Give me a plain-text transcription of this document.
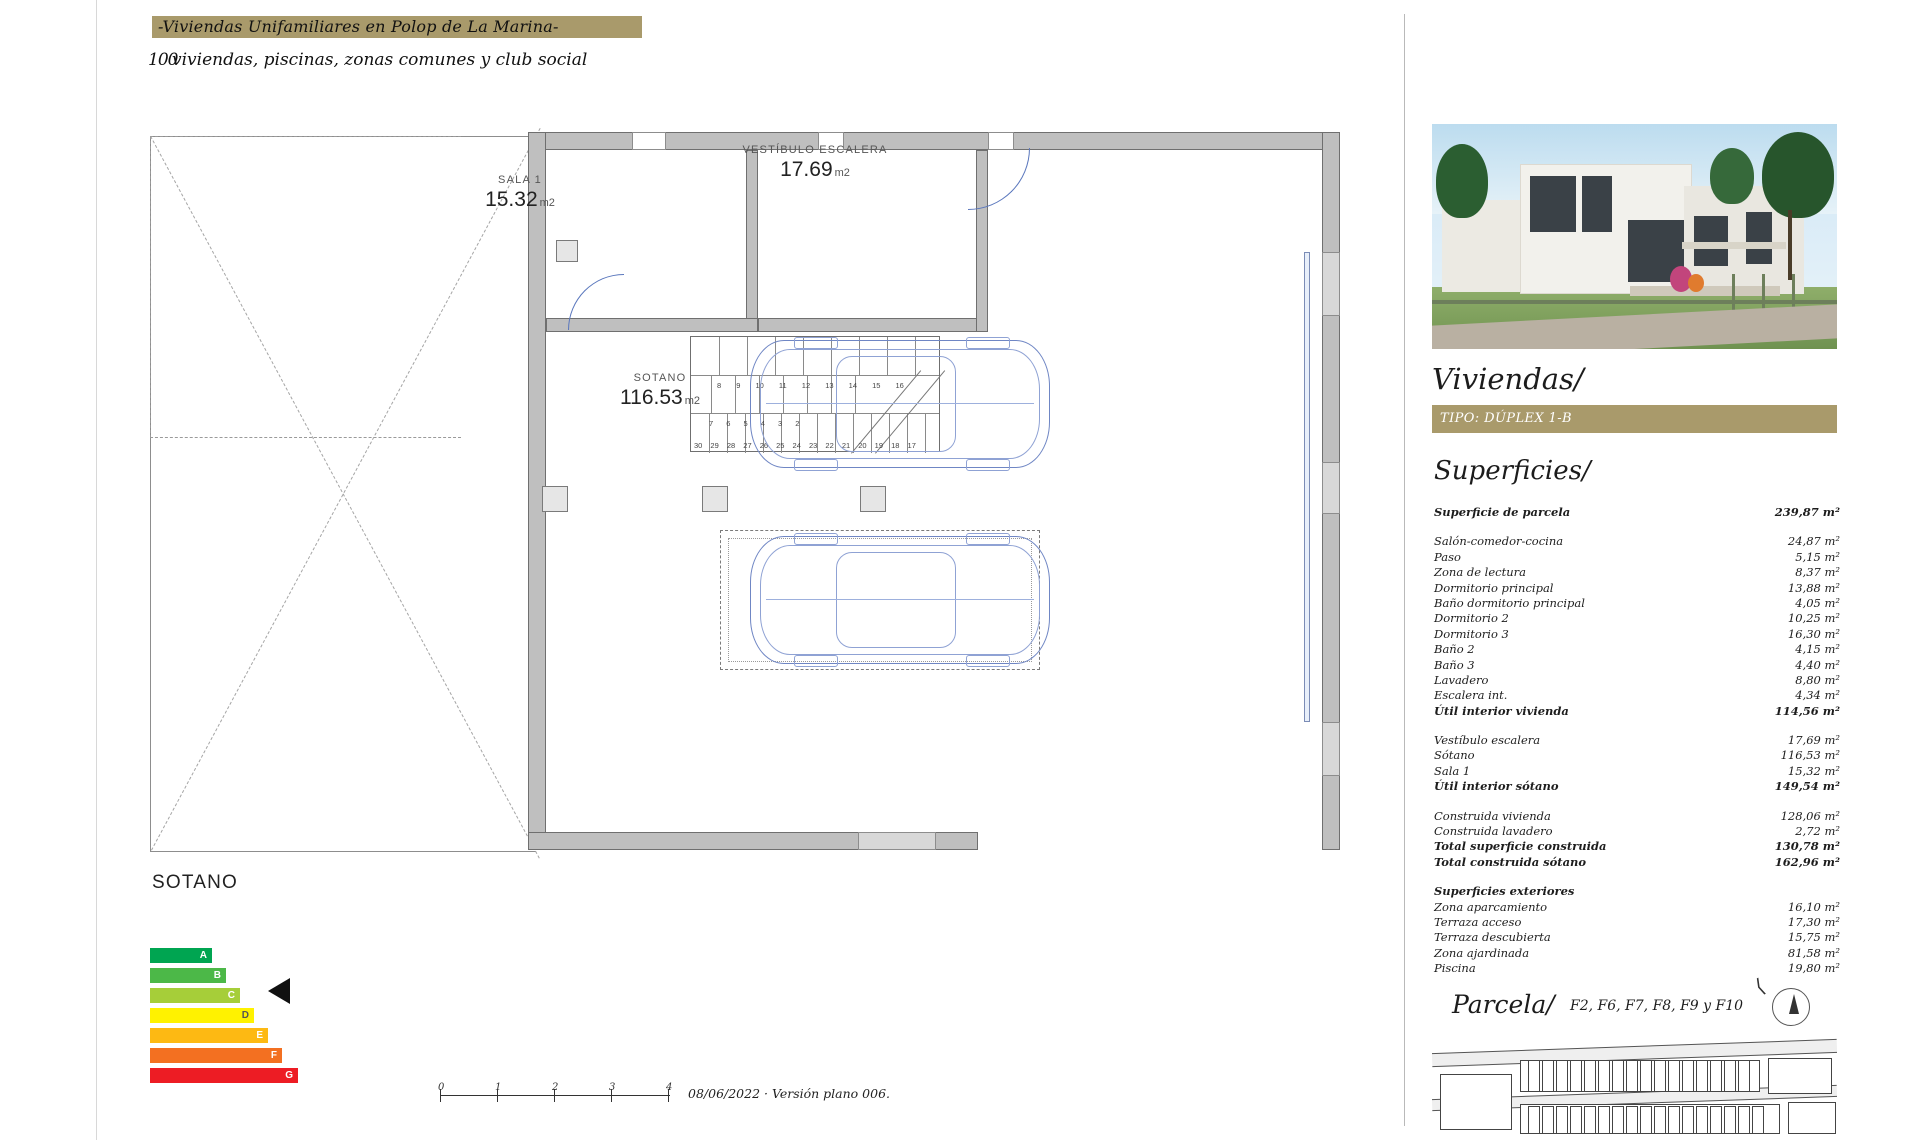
-Viviendas Unifamiliares en Polop de La Marina-
100
viviendas, piscinas, zonas comunes y club social
8 9 10 11 12 13 14 15 16
7 6 5 4 3 2
30 29 28 27 26 25 24 23 22 21 20 19 18 17
SALA 1
15.32 m2
VESTÍBULO ESCALERA
17.69 m2
SOTANO
116.53 m2
SOTANO
A
B
C
D
E
F
G
0	1	2	3	4 08/06/2022 · Versión plano 006.
Viviendas/
TIPO: DÚPLEX 1-B
Superficies/
Superficie de parcela	239,87 m²
Salón-comedor-cocina	24,87 m²
Paso	5,15 m²
Zona de lectura	8,37 m²
Dormitorio principal	13,88 m²
Baño dormitorio principal	4,05 m²
Dormitorio 2	10,25 m²
Dormitorio 3	16,30 m²
Baño 2	4,15 m²
Baño 3	4,40 m²
Lavadero	8,80 m²
Escalera int.	4,34 m²
Útil interior vivienda	114,56 m²
Vestíbulo escalera	17,69 m²
Sótano	116,53 m²
Sala 1	15,32 m²
Útil interior sótano	149,54 m²
Construida vivienda	128,06 m²
Construida lavadero	2,72 m²
Total superficie construida	130,78 m²
Total construida sótano	162,96 m²
Superficies exteriores
Zona aparcamiento	16,10 m²
Terraza acceso	17,30 m²
Terraza descubierta	15,75 m²
Zona ajardinada	81,58 m²
Piscina	19,80 m²
Parcela/ F2, F6, F7, F8, F9 y F10
⟨
